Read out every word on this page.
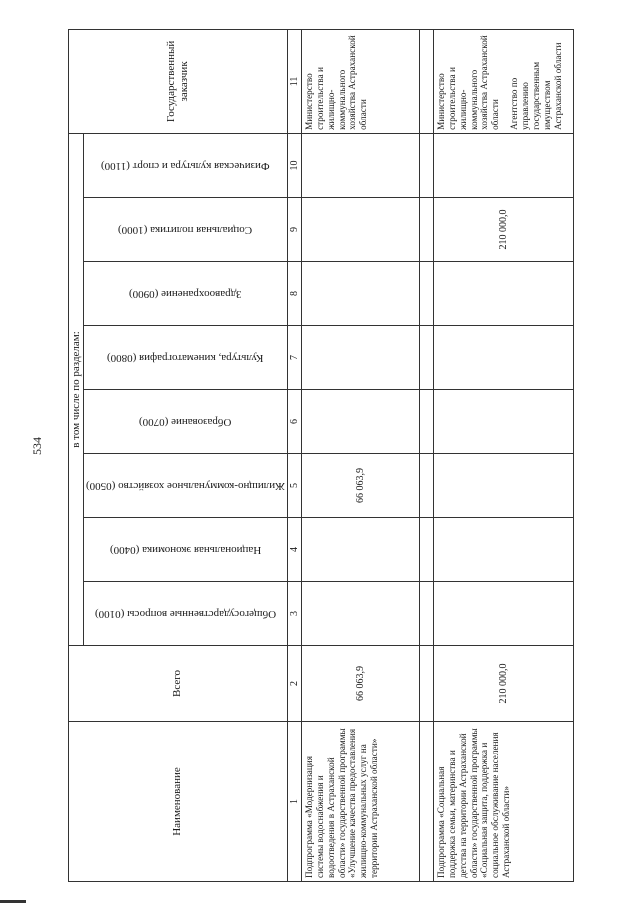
534
Наименование	Всего	в том числе по разделам:								Государственный заказчик

		Общегосударственные вопросы (0100)	Национальная экономика (0400)	Жилищно-коммунальное хозяйство (0500)	Образование (0700)	Культура, кинематография (0800)	Здравоохранение (0900)	Социальная политика (1000)	Физическая культура и спорт (1100)	

1	2	3	4	5	6	7	8	9	10	11
Подпрограмма «Модернизация системы водоснабжения и водоотведения в Астраханской области» государственной программы «Улучшение качества предоставления жилищно-коммунальных услуг на территории Астраханской области»	66 063,9			66 063,9						Министерство строительства и жилищно-коммунального хозяйства Астраханской области

Подпрограмма «Социальная поддержка семьи, материнства и детства на территории Астраханской области» государственной программы «Социальная защита, поддержка и социальное обслуживание населения Астраханской области»	210 000,0							210 000,0		Министерство строительства и жилищно-коммунального хозяйства Астраханской области Агентство по управлению государственным имуществом Астраханской области
